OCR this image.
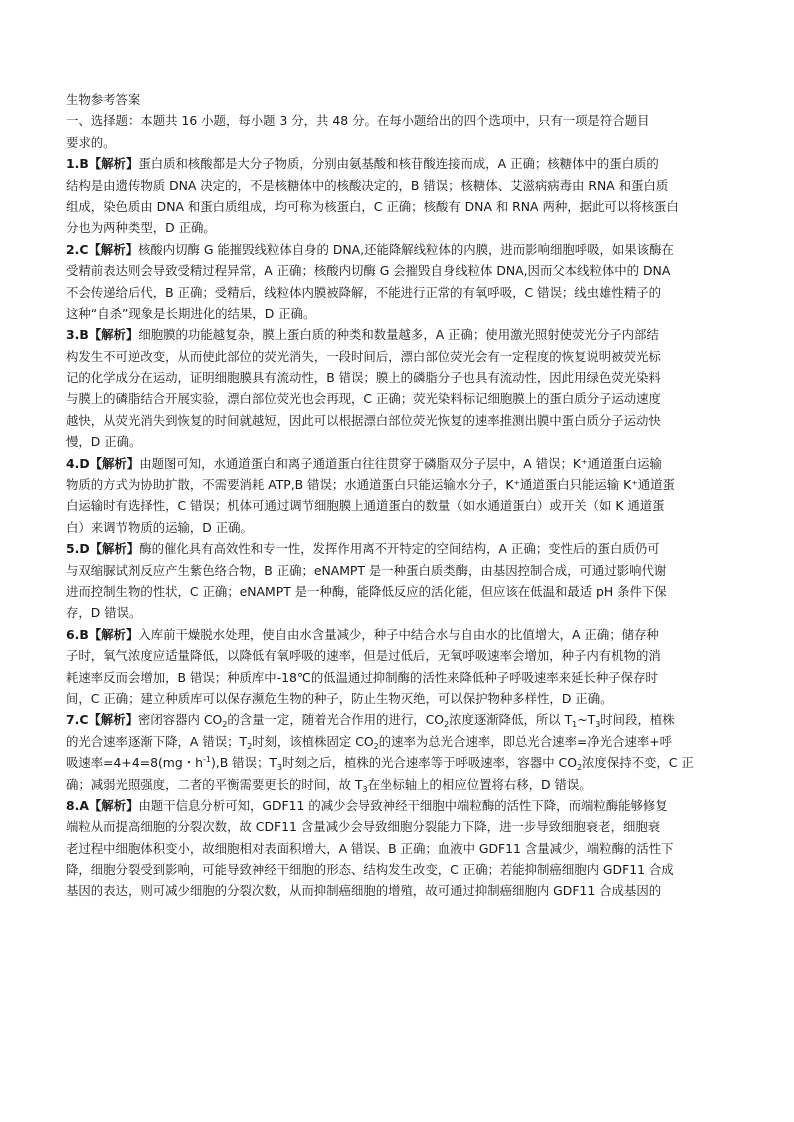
生物参考答案
一、选择题：本题共 16 小题，每小题 3 分，共 48 分。在每小题给出的四个选项中，只有一项是符合题目
要求的。
1.B【解析】蛋白质和核酸都是大分子物质，分别由氨基酸和核苷酸连接而成，A 正确；核糖体中的蛋白质的
结构是由遗传物质 DNA 决定的，不是核糖体中的核酸决定的，B 错误；核糖体、艾滋病病毒由 RNA 和蛋白质
组成，染色质由 DNA 和蛋白质组成，均可称为核蛋白，C 正确；核酸有 DNA 和 RNA 两种，据此可以将核蛋白
分也为两种类型，D 正确。
2.C【解析】核酸内切酶 G 能摧毁线粒体自身的 DNA,还能降解线粒体的内膜，进而影响细胞呼吸，如果该酶在
受精前表达则会导致受精过程异常，A 正确；核酸内切酶 G 会摧毁自身线粒体 DNA,因而父本线粒体中的 DNA
不会传递给后代，B 正确；受精后，线粒体内膜被降解，不能进行正常的有氧呼吸，C 错误；线虫雄性精子的
这种“自杀”现象是长期进化的结果，D 正确。
3.B【解析】细胞膜的功能越复杂，膜上蛋白质的种类和数量越多，A 正确；使用激光照射使荧光分子内部结
构发生不可逆改变，从而使此部位的荧光消失，一段时间后，漂白部位荧光会有一定程度的恢复说明被荧光标
记的化学成分在运动，证明细胞膜具有流动性，B 错误；膜上的磷脂分子也具有流动性，因此用绿色荧光染料
与膜上的磷脂结合开展实验，漂白部位荧光也会再现，C 正确；荧光染料标记细胞膜上的蛋白质分子运动速度
越快，从荧光消失到恢复的时间就越短，因此可以根据漂白部位荧光恢复的速率推测出膜中蛋白质分子运动快
慢，D 正确。
4.D【解析】由题图可知，水通道蛋白和离子通道蛋白往往贯穿于磷脂双分子层中，A 错误；K⁺通道蛋白运输
物质的方式为协助扩散，不需要消耗 ATP,B 错误；水通道蛋白只能运输水分子，K⁺通道蛋白只能运输 K⁺通道蛋
白运输时有选择性，C 错误；机体可通过调节细胞膜上通道蛋白的数量（如水通道蛋白）或开关（如 K 通道蛋
白）来调节物质的运输，D 正确。
5.D【解析】酶的催化具有高效性和专一性，发挥作用离不开特定的空间结构，A 正确；变性后的蛋白质仍可
与双缩脲试剂反应产生紫色络合物，B 正确；eNAMPT 是一种蛋白质类酶，由基因控制合成，可通过影响代谢
进而控制生物的性状，C 正确；eNAMPT 是一种酶，能降低反应的活化能，但应该在低温和最适 pH 条件下保
存，D 错误。
6.B【解析】入库前干燥脱水处理，使自由水含量减少，种子中结合水与自由水的比值增大，A 正确；储存种
子时，氧气浓度应适量降低，以降低有氧呼吸的速率，但是过低后，无氧呼吸速率会增加，种子内有机物的消
耗速率反而会增加，B 错误；种质库中-18℃的低温通过抑制酶的活性来降低种子呼吸速率来延长种子保存时
间，C 正确；建立种质库可以保存濒危生物的种子，防止生物灭绝，可以保护物种多样性，D 正确。
7.C【解析】密闭容器内 $CO_2$的含量一定，随着光合作用的进行，$CO_2$浓度逐渐降低，所以 $T_1\sim T_3$时间段，植株
的光合速率逐渐下降，A 错误；$T_2$时刻，该植株固定 $CO_2$的速率为总光合速率，即总光合速率=净光合速率+呼
吸速率=4+4=8(mg・$h^{-1}),B$ 错误；$T_3$时刻之后，植株的光合速率等于呼吸速率，容器中 $CO_2$浓度保持不变，C 正
确；减弱光照强度，二者的平衡需要更长的时间，故 $T_3$在坐标轴上的相应位置将右移，D 错误。
8.A【解析】由题干信息分析可知，GDF11 的减少会导致神经干细胞中端粒酶的活性下降，而端粒酶能够修复
端粒从而提高细胞的分裂次数，故 CDF11 含量减少会导致细胞分裂能力下降，进一步导致细胞衰老，细胞衰
老过程中细胞体积变小，故细胞相对表面积增大，A 错误、B 正确；血液中 GDF11 含量减少，端粒酶的活性下
降，细胞分裂受到影响，可能导致神经干细胞的形态、结构发生改变，C 正确；若能抑制癌细胞内 GDF11 合成
基因的表达，则可减少细胞的分裂次数，从而抑制癌细胞的增殖，故可通过抑制癌细胞内 GDF11 合成基因的
